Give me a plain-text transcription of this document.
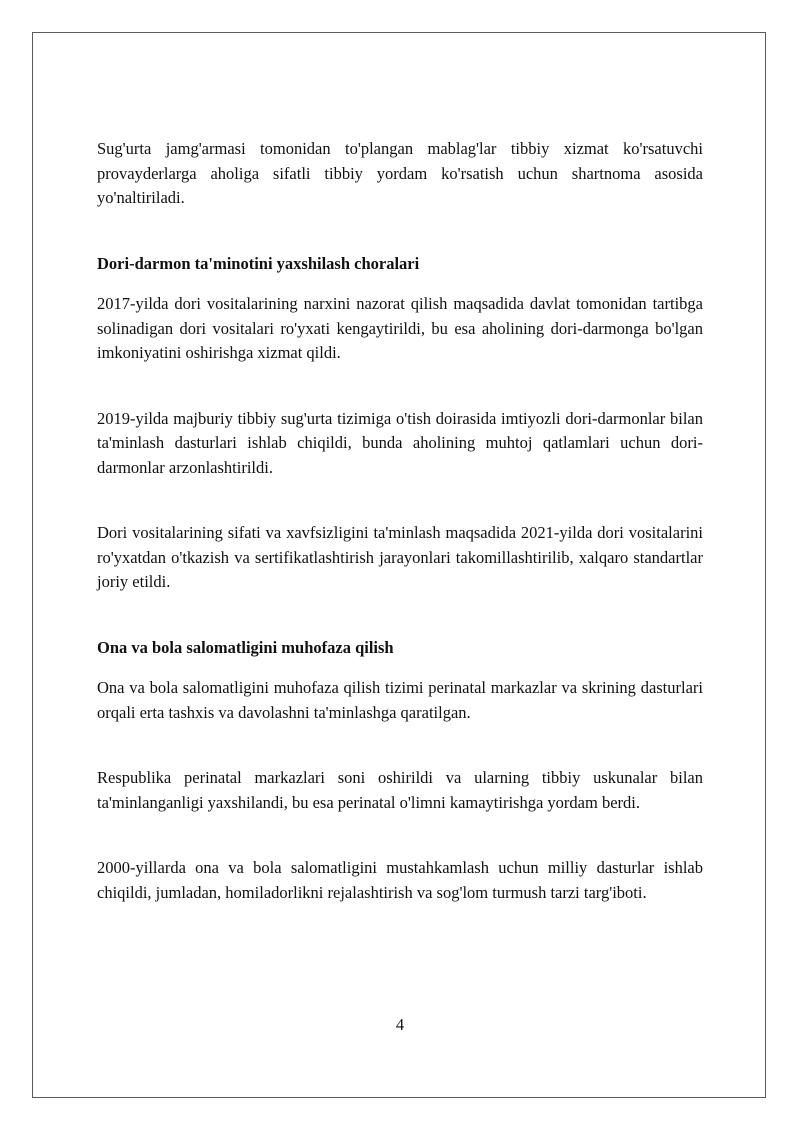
Sug'urta jamg'armasi tomonidan to'plangan mablag'lar tibbiy xizmat ko'rsatuvchi provayderlarga aholiga sifatli tibbiy yordam ko'rsatish uchun shartnoma asosida yo'naltiriladi.

Dori-darmon ta'minotini yaxshilash choralari

2017-yilda dori vositalarining narxini nazorat qilish maqsadida davlat tomonidan tartibga solinadigan dori vositalari ro'yxati kengaytirildi, bu esa aholining dori-darmonga bo'lgan imkoniyatini oshirishga xizmat qildi.

2019-yilda majburiy tibbiy sug'urta tizimiga o'tish doirasida imtiyozli dori-darmonlar bilan ta'minlash dasturlari ishlab chiqildi, bunda aholining muhtoj qatlamlari uchun dori-darmonlar arzonlashtirildi.

Dori vositalarining sifati va xavfsizligini ta'minlash maqsadida 2021-yilda dori vositalarini ro'yxatdan o'tkazish va sertifikatlashtirish jarayonlari takomillashtirilib, xalqaro standartlar joriy etildi.

Ona va bola salomatligini muhofaza qilish

Ona va bola salomatligini muhofaza qilish tizimi perinatal markazlar va skrining dasturlari orqali erta tashxis va davolashni ta'minlashga qaratilgan.

Respublika perinatal markazlari soni oshirildi va ularning tibbiy uskunalar bilan ta'minlanganligi yaxshilandi, bu esa perinatal o'limni kamaytirishga yordam berdi.

2000-yillarda ona va bola salomatligini mustahkamlash uchun milliy dasturlar ishlab chiqildi, jumladan, homiladorlikni rejalashtirish va sog'lom turmush tarzi targ'iboti.

4
